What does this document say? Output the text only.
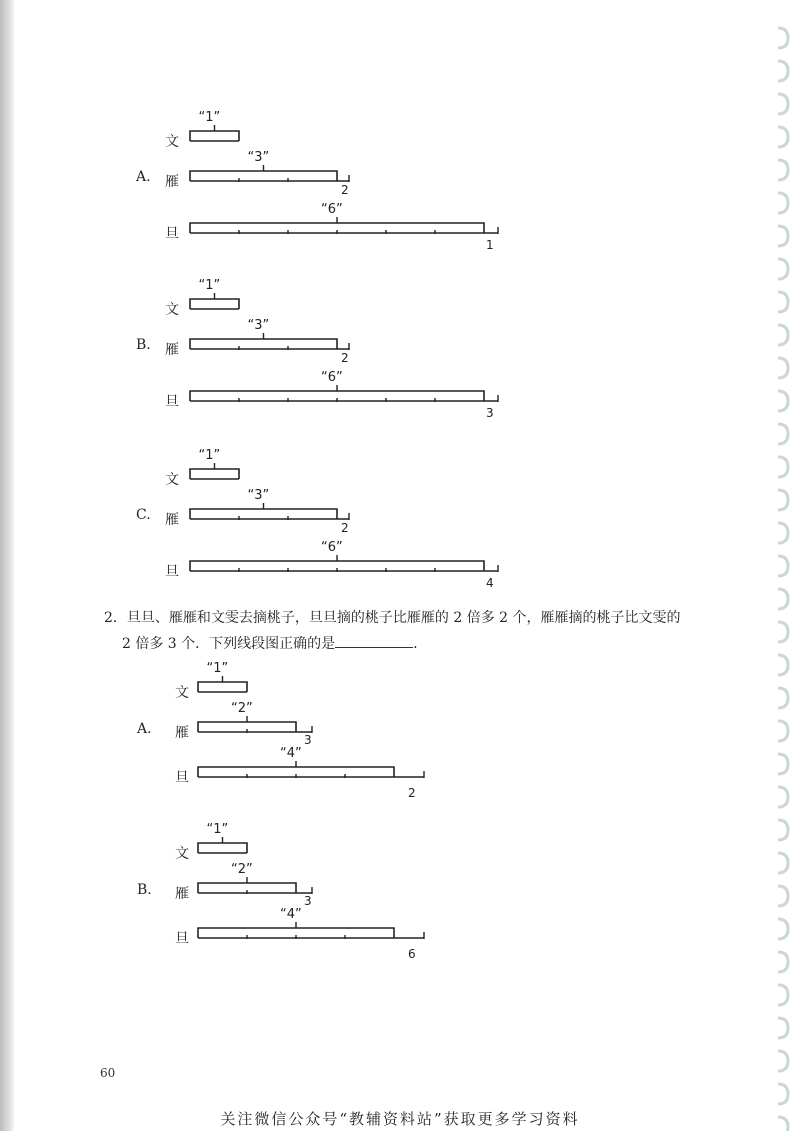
A.
文
“1”
雁
“3”
2
旦
“6”
1
B.
文
“1”
雁
“3”
2
旦
“6”
3
C.
文
“1”
雁
“3”
2
旦
“6”
4
A.
文
“1”
雁
“2”
3
旦
“4”
2
B.
文
“1”
雁
“2”
3
旦
“4”
6
2．旦旦、雁雁和文雯去摘桃子，旦旦摘的桃子比雁雁的 2 倍多 2 个，雁雁摘的桃子比文雯的
2 倍多 3 个．下列线段图正确的是	.
60
关注微信公众号“教辅资料站”获取更多学习资料
